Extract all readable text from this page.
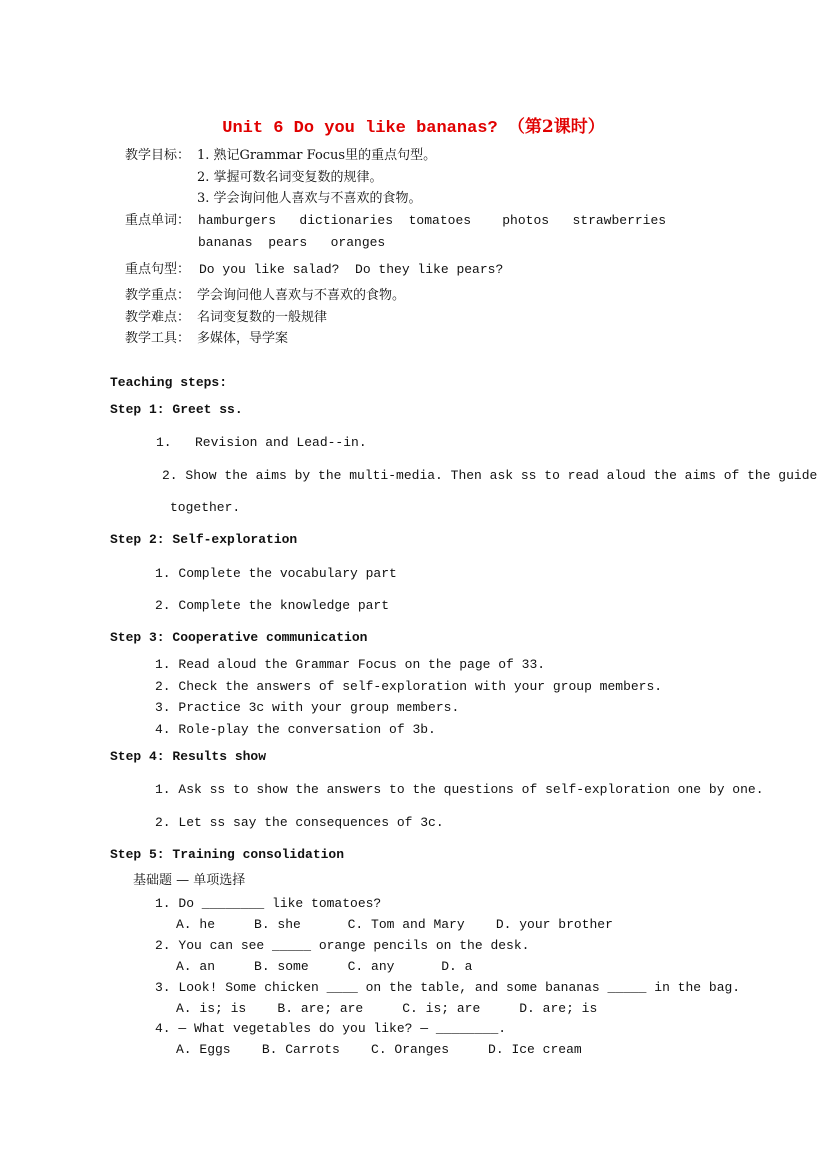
Unit 6 Do you like bananas? （第2课时）
教学目标： 1. 熟记Grammar Focus里的重点句型。
2. 掌握可数名词变复数的规律。
3. 学会询问他人喜欢与不喜欢的食物。
重点单词： hamburgers   dictionaries  tomatoes    photos   strawberries
bananas  pears   oranges
重点句型： Do you like salad?  Do they like pears?
教学重点： 学会询问他人喜欢与不喜欢的食物。
教学难点： 名词变复数的一般规律
教学工具： 多媒体，导学案
Teaching steps:
Step 1: Greet ss.
1.   Revision and Lead--in.
2. Show the aims by the multi-media. Then ask ss to read aloud the aims of the guide
together.
Step 2: Self-exploration
1. Complete the vocabulary part
2. Complete the knowledge part
Step 3: Cooperative communication
1. Read aloud the Grammar Focus on the page of 33.
2. Check the answers of self-exploration with your group members.
3. Practice 3c with your group members.
4. Role-play the conversation of 3b.
Step 4: Results show
1. Ask ss to show the answers to the questions of self-exploration one by one.
2. Let ss say the consequences of 3c.
Step 5: Training consolidation
基础题 — 单项选择
1. Do ________ like tomatoes?
A. he     B. she      C. Tom and Mary    D. your brother
2. You can see _____ orange pencils on the desk.
A. an     B. some     C. any      D. a
3. Look! Some chicken ____ on the table, and some bananas _____ in the bag.
A. is; is    B. are; are     C. is; are     D. are; is
4. — What vegetables do you like? — ________.
A. Eggs    B. Carrots    C. Oranges     D. Ice cream
